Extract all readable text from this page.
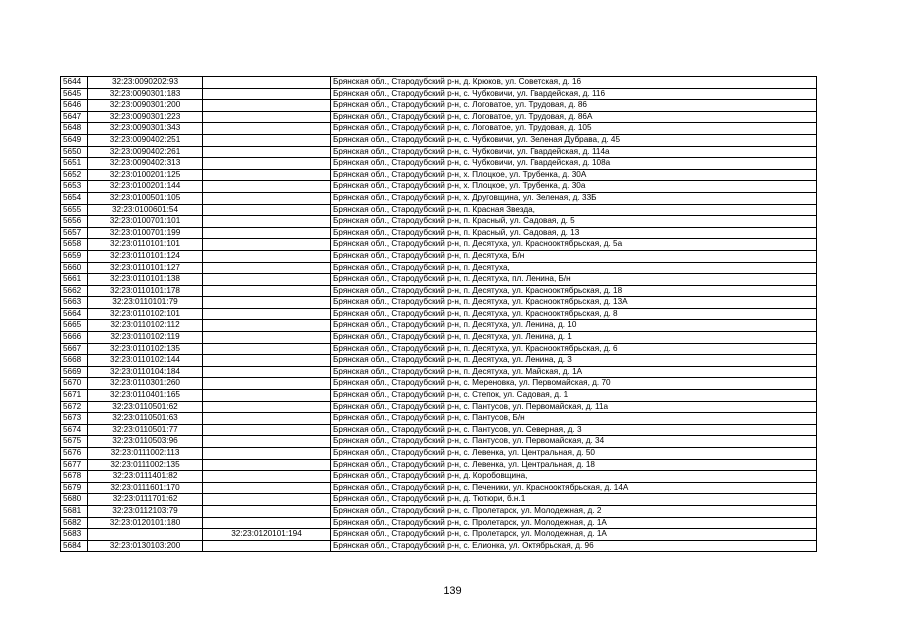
5644	32:23:0090202:93		Брянская обл., Стародубский р-н, д. Крюков, ул. Советская, д. 16
5645	32:23:0090301:183		Брянская обл., Стародубский р-н, с. Чубковичи, ул. Гвардейская, д. 116
5646	32:23:0090301:200		Брянская обл., Стародубский р-н, с. Логоватое, ул. Трудовая, д. 86
5647	32:23:0090301:223		Брянская обл., Стародубский р-н, с. Логоватое, ул. Трудовая, д. 86А
5648	32:23:0090301:343		Брянская обл., Стародубский р-н, с. Логоватое, ул. Трудовая, д. 105
5649	32:23:0090402:251		Брянская обл., Стародубский р-н, с. Чубковичи, ул. Зеленая Дубрава, д. 45
5650	32:23:0090402:261		Брянская обл., Стародубский р-н, с. Чубковичи, ул. Гвардейская, д. 114а
5651	32:23:0090402:313		Брянская обл., Стародубский р-н, с. Чубковичи, ул. Гвардейская, д. 108а
5652	32:23:0100201:125		Брянская обл., Стародубский р-н, х. Плоцкое, ул. Трубенка, д. 30А
5653	32:23:0100201:144		Брянская обл., Стародубский р-н, х. Плоцкое, ул. Трубенка, д. 30а
5654	32:23:0100501:105		Брянская обл., Стародубский р-н, х. Друговщина, ул. Зеленая, д. 33Б
5655	32:23:0100601:54		Брянская обл., Стародубский р-н, п. Красная Звезда,
5656	32:23:0100701:101		Брянская обл., Стародубский р-н, п. Красный, ул. Садовая, д. 5
5657	32:23:0100701:199		Брянская обл., Стародубский р-н, п. Красный, ул. Садовая, д. 13
5658	32:23:0110101:101		Брянская обл., Стародубский р-н, п. Десятуха, ул. Краснооктябрьская, д. 5а
5659	32:23:0110101:124		Брянская обл., Стародубский р-н, п. Десятуха, Б/н
5660	32:23:0110101:127		Брянская обл., Стародубский р-н, п. Десятуха,
5661	32:23:0110101:138		Брянская обл., Стародубский р-н, п. Десятуха, пл. Ленина, Б/н
5662	32:23:0110101:178		Брянская обл., Стародубский р-н, п. Десятуха, ул. Краснооктябрьская, д. 18
5663	32:23:0110101:79		Брянская обл., Стародубский р-н, п. Десятуха, ул. Краснооктябрьская, д. 13А
5664	32:23:0110102:101		Брянская обл., Стародубский р-н, п. Десятуха, ул. Краснооктябрьская, д. 8
5665	32:23:0110102:112		Брянская обл., Стародубский р-н, п. Десятуха, ул. Ленина, д. 10
5666	32:23:0110102:119		Брянская обл., Стародубский р-н, п. Десятуха, ул. Ленина, д. 1
5667	32:23:0110102:135		Брянская обл., Стародубский р-н, п. Десятуха, ул. Краснооктябрьская, д. 6
5668	32:23:0110102:144		Брянская обл., Стародубский р-н, п. Десятуха, ул. Ленина, д. 3
5669	32:23:0110104:184		Брянская обл., Стародубский р-н, п. Десятуха, ул. Майская, д. 1А
5670	32:23:0110301:260		Брянская обл., Стародубский р-н, с. Мереновка, ул. Первомайская, д. 70
5671	32:23:0110401:165		Брянская обл., Стародубский р-н, с. Степок, ул. Садовая, д. 1
5672	32:23:0110501:62		Брянская обл., Стародубский р-н, с. Пантусов, ул. Первомайская, д. 11а
5673	32:23:0110501:63		Брянская обл., Стародубский р-н, с. Пантусов, Б/н
5674	32:23:0110501:77		Брянская обл., Стародубский р-н, с. Пантусов, ул. Северная, д. 3
5675	32:23:0110503:96		Брянская обл., Стародубский р-н, с. Пантусов, ул. Первомайская, д. 34
5676	32:23:0111002:113		Брянская обл., Стародубский р-н, с. Левенка, ул. Центральная, д. 50
5677	32:23:0111002:135		Брянская обл., Стародубский р-н, с. Левенка, ул. Центральная, д. 18
5678	32:23:0111401:82		Брянская обл., Стародубский р-н, д. Коробовщина,
5679	32:23:0111601:170		Брянская обл., Стародубский р-н, с. Печеники, ул. Краснооктябрьская, д. 14А
5680	32:23:0111701:62		Брянская обл., Стародубский р-н, д. Тютюри, б.н.1
5681	32:23:0112103:79		Брянская обл., Стародубский р-н, с. Пролетарск, ул. Молодежная, д. 2
5682	32:23:0120101:180		Брянская обл., Стародубский р-н, с. Пролетарск, ул. Молодежная, д. 1А
5683		32:23:0120101:194	Брянская обл., Стародубский р-н, с. Пролетарск, ул. Молодежная, д. 1А
5684	32:23:0130103:200		Брянская обл., Стародубский р-н, с. Елионка, ул. Октябрьская, д. 96
139
